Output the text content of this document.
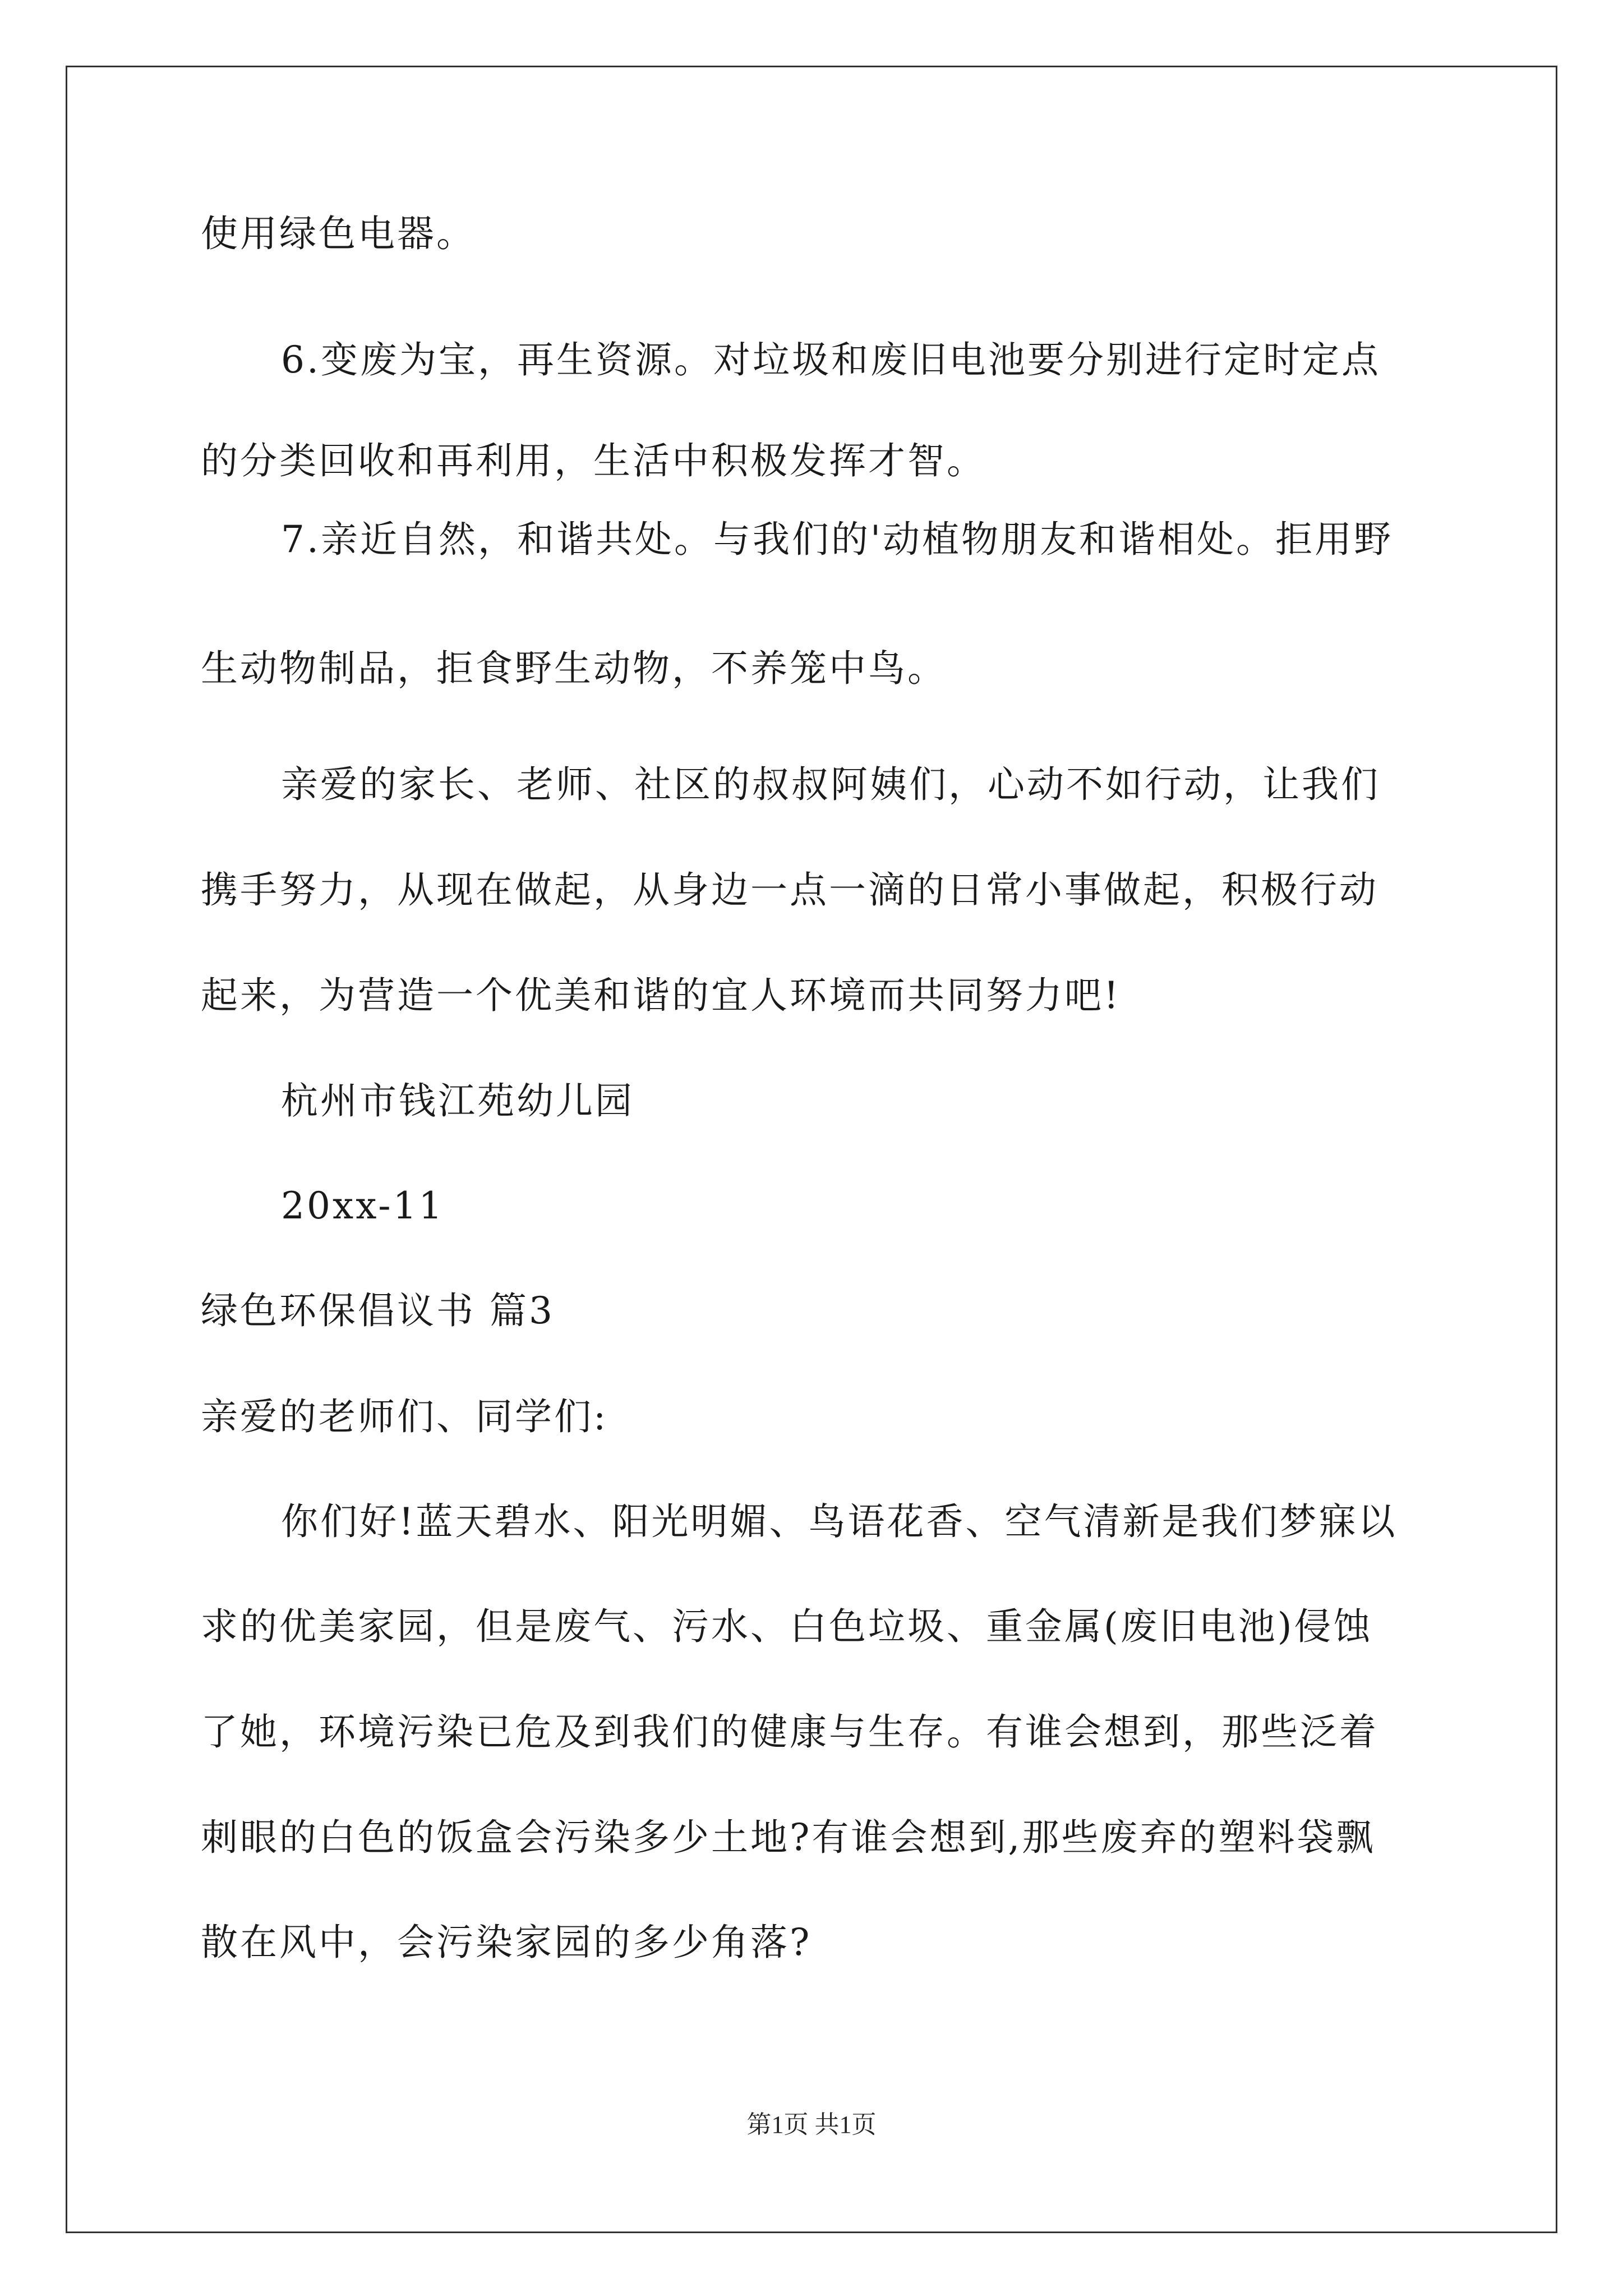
使用绿色电器。
6.变废为宝，再生资源。对垃圾和废旧电池要分别进行定时定点
的分类回收和再利用，生活中积极发挥才智。
7.亲近自然，和谐共处。与我们的'动植物朋友和谐相处。拒用野
生动物制品，拒食野生动物，不养笼中鸟。
亲爱的家长、老师、社区的叔叔阿姨们，心动不如行动，让我们
携手努力，从现在做起，从身边一点一滴的日常小事做起，积极行动
起来，为营造一个优美和谐的宜人环境而共同努力吧!
杭州市钱江苑幼儿园
20xx-11
绿色环保倡议书 篇3
亲爱的老师们、同学们:
你们好!蓝天碧水、阳光明媚、鸟语花香、空气清新是我们梦寐以
求的优美家园，但是废气、污水、白色垃圾、重金属(废旧电池)侵蚀
了她，环境污染已危及到我们的健康与生存。有谁会想到，那些泛着
刺眼的白色的饭盒会污染多少土地?有谁会想到,那些废弃的塑料袋飘
散在风中，会污染家园的多少角落?
第1页 共1页
